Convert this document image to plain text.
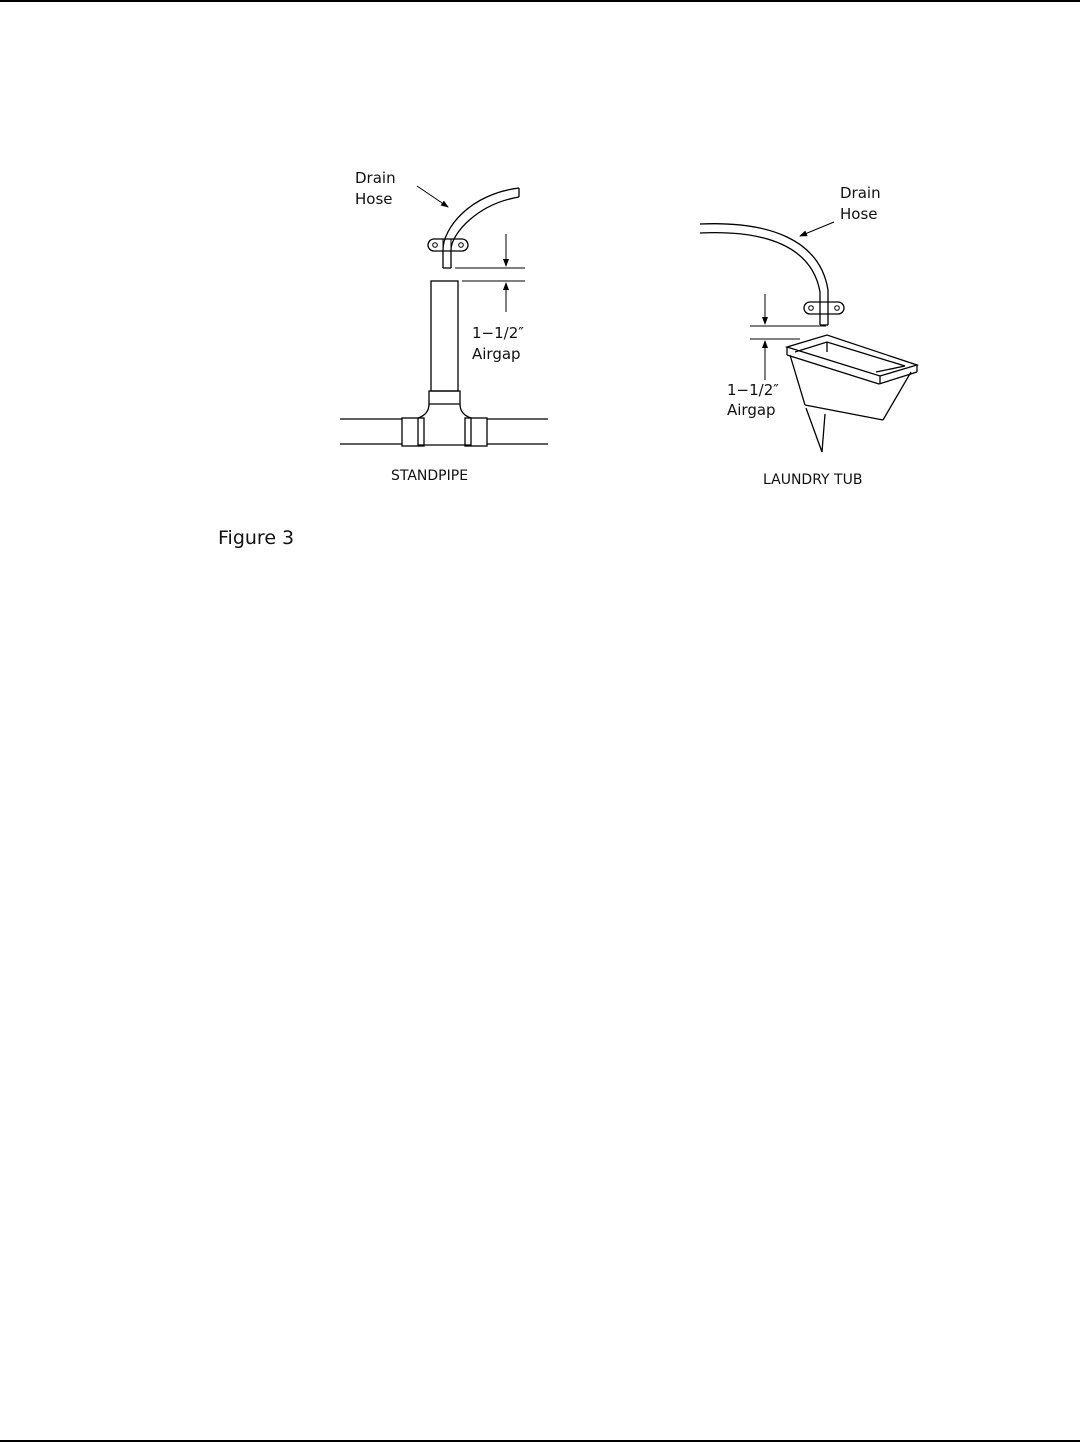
Drain
Hose
1−1/2″
Airgap
STANDPIPE
Drain
Hose
1−1/2″
Airgap
LAUNDRY TUB
Figure 3
